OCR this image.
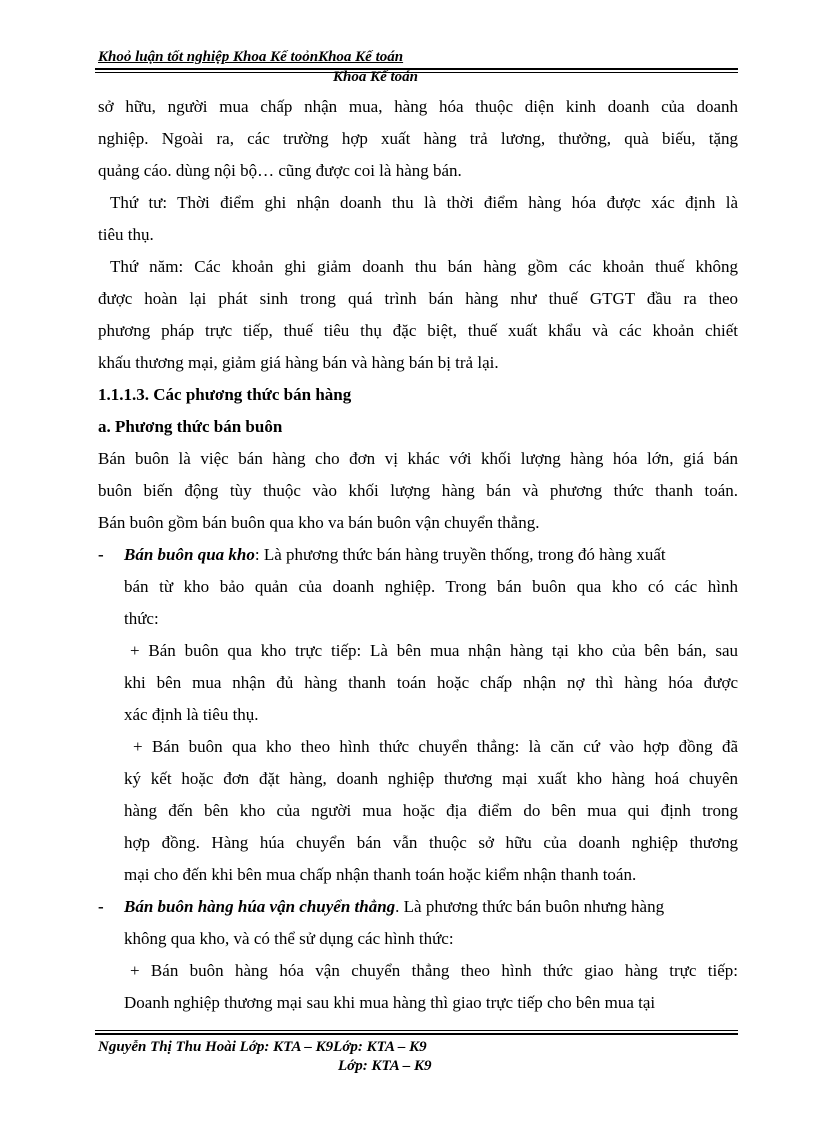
Khoỏ luận tốt nghiệp Khoa Kế toỏnKhoa Kế toán
Khoa Kế toán
sở hữu, người mua chấp nhận mua, hàng hóa thuộc diện kinh doanh của doanh
nghiệp. Ngoài ra, các trường hợp xuất hàng trả lương, thưởng, quà biếu, tặng
quảng cáo. dùng nội bộ… cũng được coi là hàng bán.
Thứ tư: Thời điểm ghi nhận doanh thu là thời điểm hàng hóa được xác định là
tiêu thụ.
Thứ năm: Các khoản ghi giảm doanh thu bán hàng gồm các khoản thuế không
được hoàn lại phát sinh trong quá trình bán hàng như thuế GTGT đầu ra theo
phương pháp trực tiếp, thuế tiêu thụ đặc biệt, thuế xuất khẩu và các khoản chiết
khấu thương mại, giảm giá hàng bán và hàng bán bị trả lại.
1.1.1.3. Các phương thức bán hàng
a. Phương thức bán buôn
Bán buôn là việc bán hàng cho đơn vị khác với khối lượng hàng hóa lớn, giá bán
buôn biến động tùy thuộc vào khối lượng hàng bán và phương thức thanh toán.
Bán buôn gồm bán buôn qua kho va bán buôn vận chuyển thẳng.
- Bán buôn qua kho: Là phương thức bán hàng truyền thống, trong đó hàng xuất
bán từ kho bảo quản của doanh nghiệp. Trong bán buôn qua kho có các hình
thức:
+ Bán buôn qua kho trực tiếp: Là bên mua nhận hàng tại kho của bên bán, sau
khi bên mua nhận đủ hàng thanh toán hoặc chấp nhận nợ thì hàng hóa được
xác định là tiêu thụ.
+ Bán buôn qua kho theo hình thức chuyển thẳng: là căn cứ vào hợp đồng đã
ký kết hoặc đơn đặt hàng, doanh nghiệp thương mại xuất kho hàng hoá chuyên
hàng đến bên kho của người mua hoặc địa điểm do bên mua qui định trong
hợp đồng. Hàng húa chuyển bán vẫn thuộc sở hữu của doanh nghiệp thương
mại cho đến khi bên mua chấp nhận thanh toán hoặc kiểm nhận thanh toán.
- Bán buôn hàng húa vận chuyển thẳng. Là phương thức bán buôn nhưng hàng
không qua kho, và có thể sử dụng các hình thức:
+ Bán buôn hàng hóa vận chuyển thẳng theo hình thức giao hàng trực tiếp:
Doanh nghiệp thương mại sau khi mua hàng thì giao trực tiếp cho bên mua tại
Nguyễn Thị Thu Hoài Lớp: KTA – K9Lớp: KTA – K9
Lớp: KTA – K9
